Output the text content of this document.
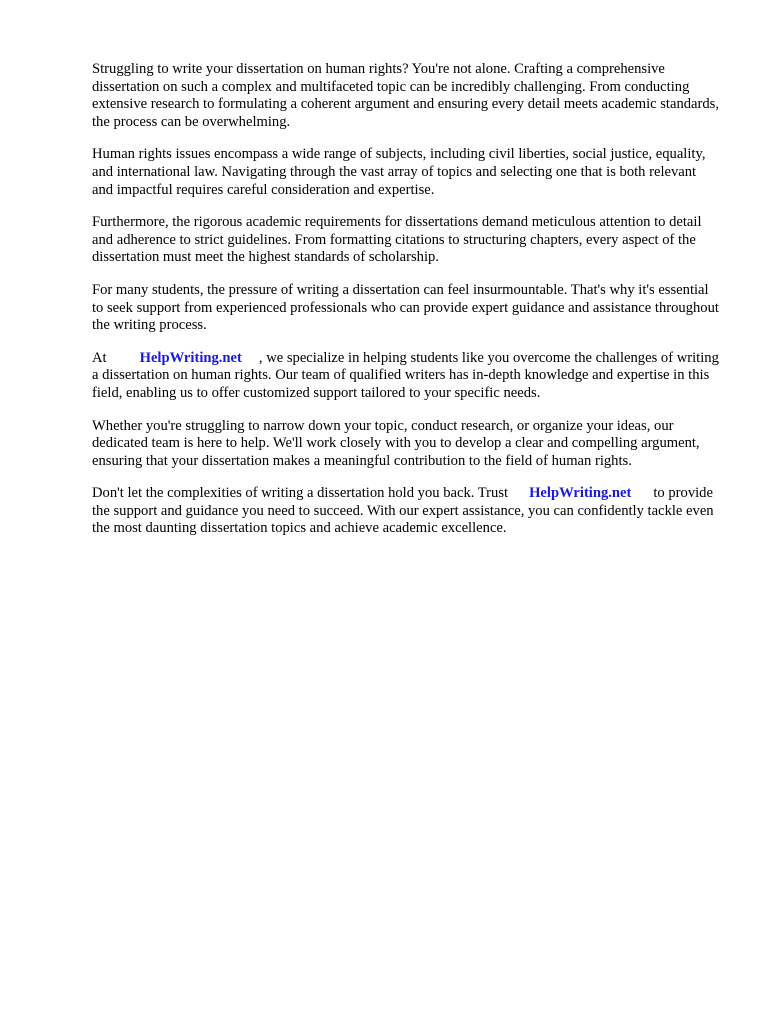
Struggling to write your dissertation on human rights? You're not alone. Crafting a comprehensive dissertation on such a complex and multifaceted topic can be incredibly challenging. From conducting extensive research to formulating a coherent argument and ensuring every detail meets academic standards, the process can be overwhelming.

Human rights issues encompass a wide range of subjects, including civil liberties, social justice, equality, and international law. Navigating through the vast array of topics and selecting one that is both relevant and impactful requires careful consideration and expertise.

Furthermore, the rigorous academic requirements for dissertations demand meticulous attention to detail and adherence to strict guidelines. From formatting citations to structuring chapters, every aspect of the dissertation must meet the highest standards of scholarship.

For many students, the pressure of writing a dissertation can feel insurmountable. That's why it's essential to seek support from experienced professionals who can provide expert guidance and assistance throughout the writing process.

At HelpWriting.net , we specialize in helping students like you overcome the challenges of writing a dissertation on human rights. Our team of qualified writers has in-depth knowledge and expertise in this field, enabling us to offer customized support tailored to your specific needs.

Whether you're struggling to narrow down your topic, conduct research, or organize your ideas, our dedicated team is here to help. We'll work closely with you to develop a clear and compelling argument, ensuring that your dissertation makes a meaningful contribution to the field of human rights.

Don't let the complexities of writing a dissertation hold you back. Trust HelpWriting.net to provide the support and guidance you need to succeed. With our expert assistance, you can confidently tackle even the most daunting dissertation topics and achieve academic excellence.
